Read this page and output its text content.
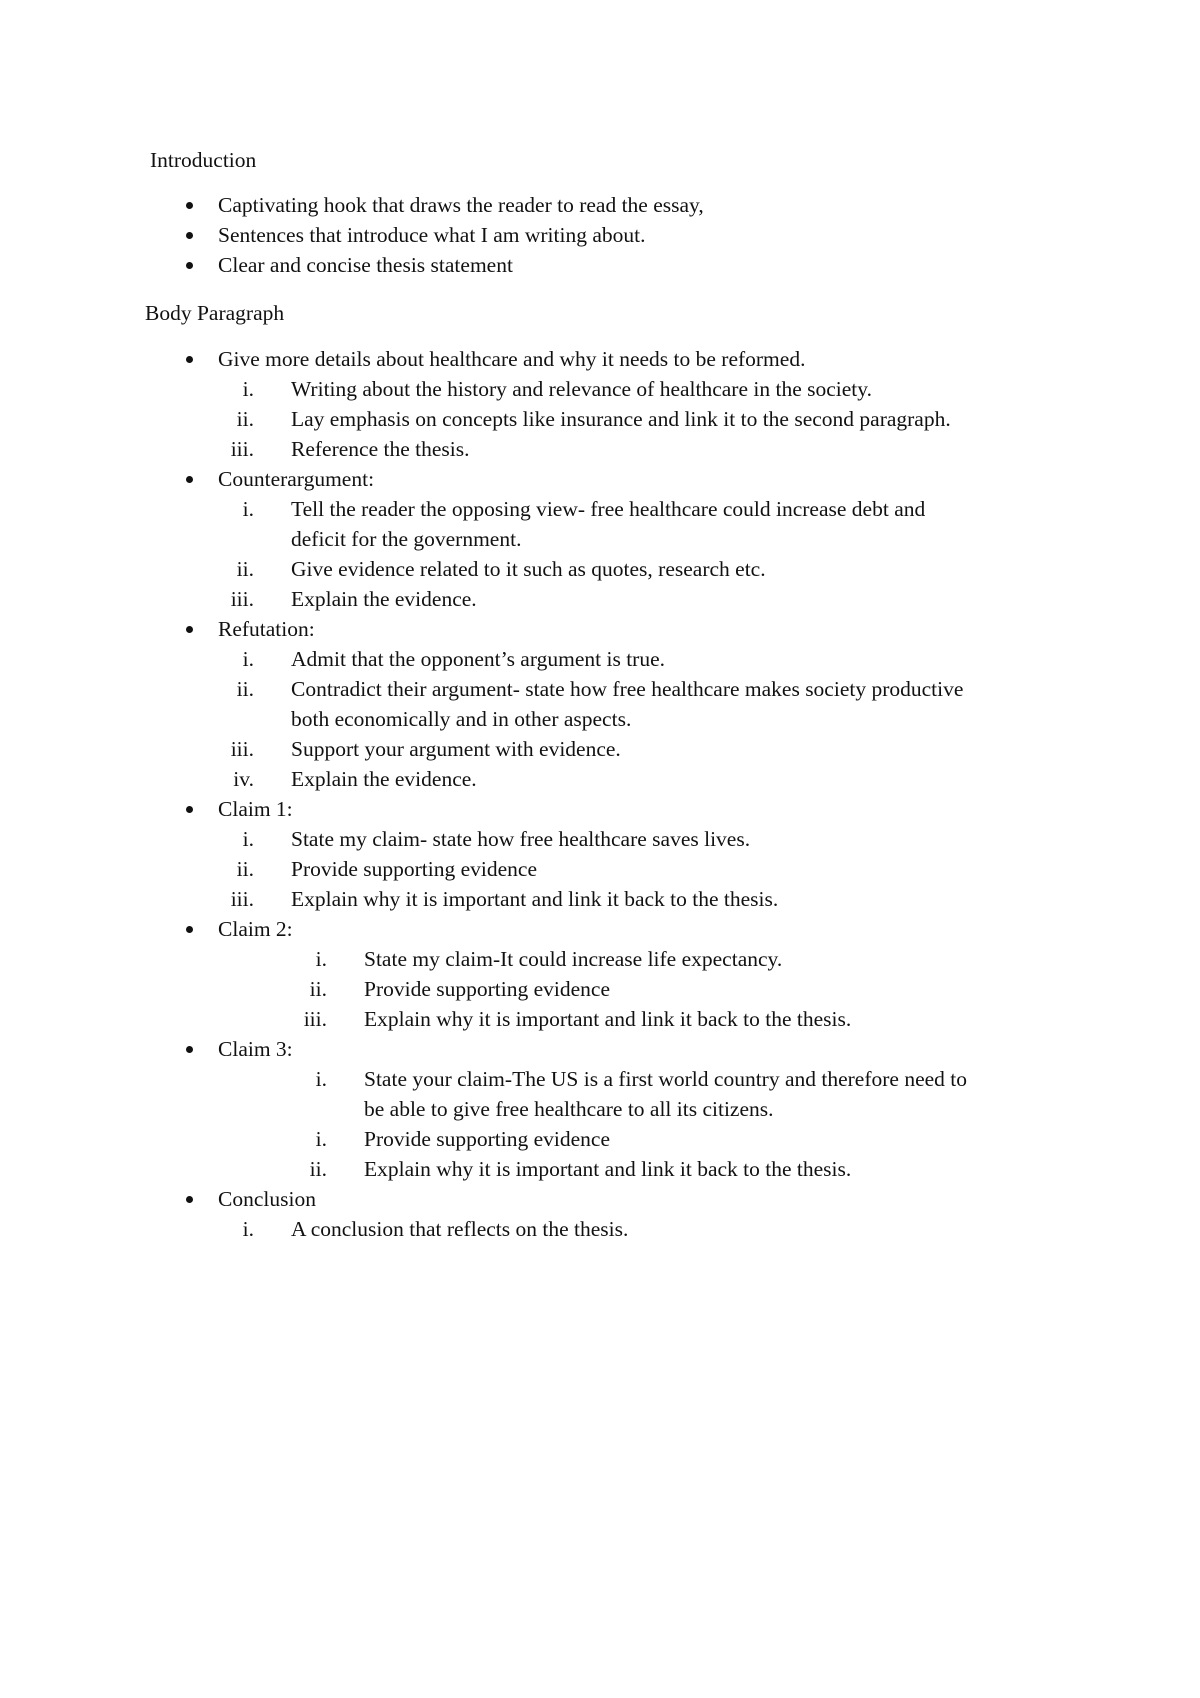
Introduction
Captivating hook that draws the reader to read the essay,
Sentences that introduce what I am writing about.
Clear and concise thesis statement
Body Paragraph
Give more details about healthcare and why it needs to be reformed.
i. Writing about the history and relevance of healthcare in the society.
ii. Lay emphasis on concepts like insurance and link it to the second paragraph.
iii. Reference the thesis.
Counterargument:
i. Tell the reader the opposing view- free healthcare could increase debt and
deficit for the government.
ii. Give evidence related to it such as quotes, research etc.
iii. Explain the evidence.
Refutation:
i. Admit that the opponent’s argument is true.
ii. Contradict their argument- state how free healthcare makes society productive
both economically and in other aspects.
iii. Support your argument with evidence.
iv. Explain the evidence.
Claim 1:
i. State my claim- state how free healthcare saves lives.
ii. Provide supporting evidence
iii. Explain why it is important and link it back to the thesis.
Claim 2:
i. State my claim-It could increase life expectancy.
ii. Provide supporting evidence
iii. Explain why it is important and link it back to the thesis.
Claim 3:
i. State your claim-The US is a first world country and therefore need to
be able to give free healthcare to all its citizens.
i. Provide supporting evidence
ii. Explain why it is important and link it back to the thesis.
Conclusion
i. A conclusion that reflects on the thesis.
